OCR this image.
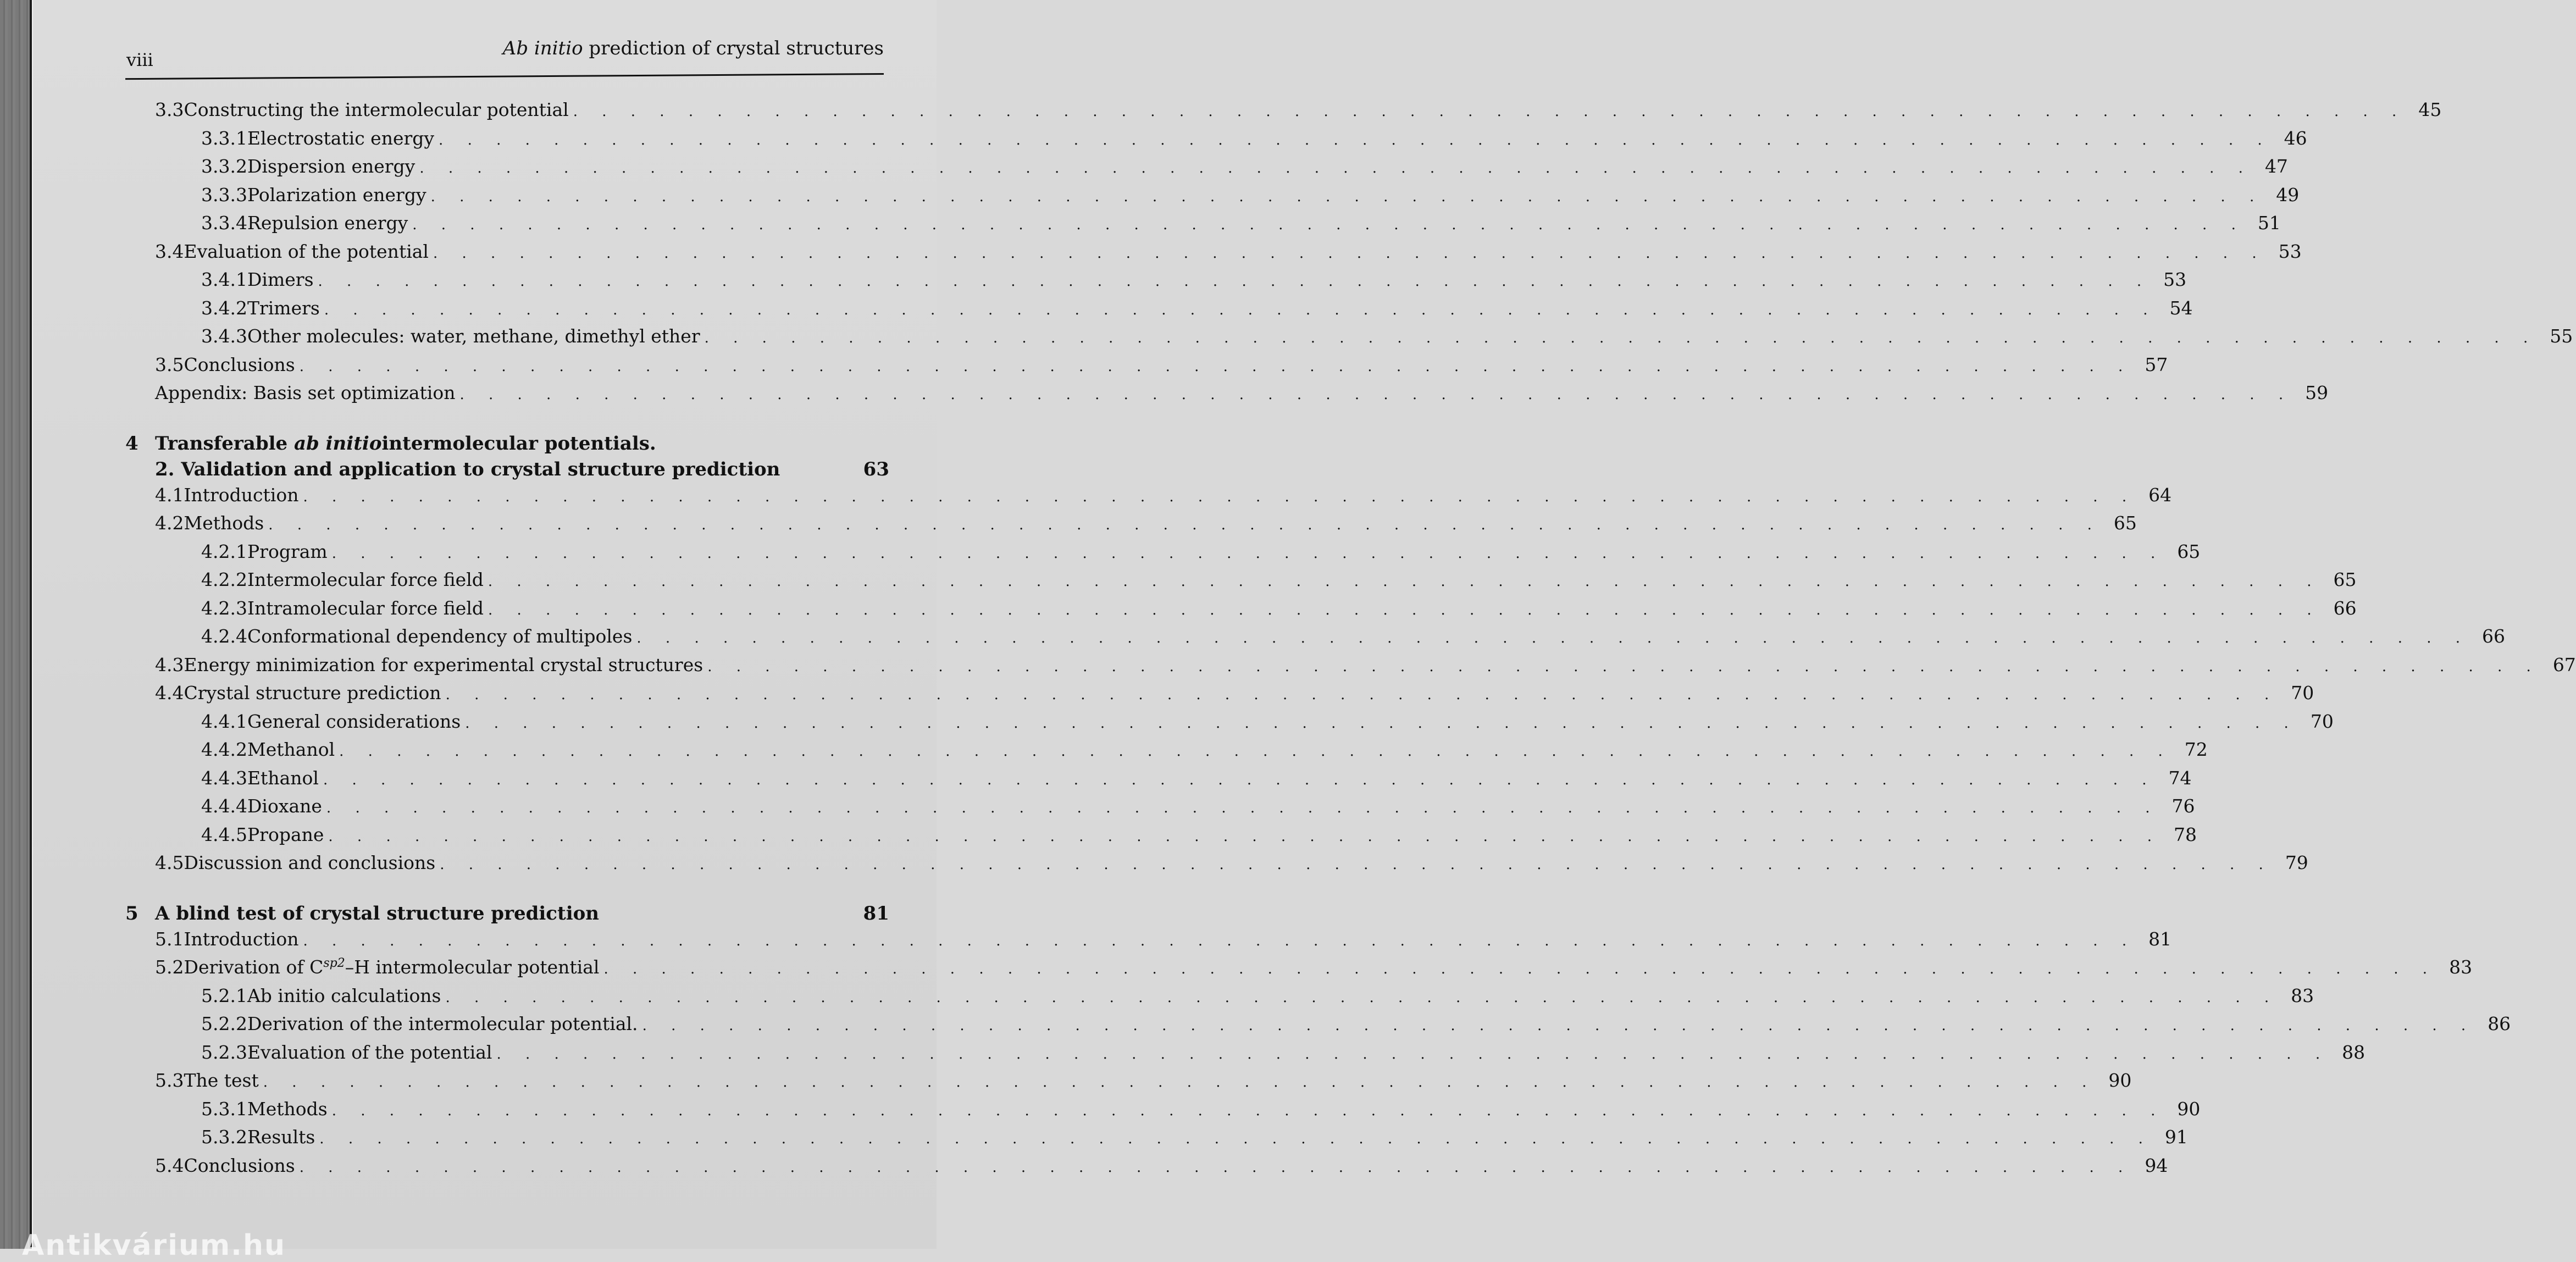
viii
Ab initio prediction of crystal structures
3.3 Constructing the intermolecular potential . . . . . . . . . . . . . . . . . . . . . . . . . . . . . . . . . . . . . . . . . . . . . . . . . . . . . . . . . . . . . . . . 45
3.3.1 Electrostatic energy . . . . . . . . . . . . . . . . . . . . . . . . . . . . . . . . . . . . . . . . . . . . . . . . . . . . . . . . . . . . . . . . 46
3.3.2 Dispersion energy . . . . . . . . . . . . . . . . . . . . . . . . . . . . . . . . . . . . . . . . . . . . . . . . . . . . . . . . . . . . . . . . 47
3.3.3 Polarization energy . . . . . . . . . . . . . . . . . . . . . . . . . . . . . . . . . . . . . . . . . . . . . . . . . . . . . . . . . . . . . . . . 49
3.3.4 Repulsion energy . . . . . . . . . . . . . . . . . . . . . . . . . . . . . . . . . . . . . . . . . . . . . . . . . . . . . . . . . . . . . . . . 51
3.4 Evaluation of the potential . . . . . . . . . . . . . . . . . . . . . . . . . . . . . . . . . . . . . . . . . . . . . . . . . . . . . . . . . . . . . . . . 53
3.4.1 Dimers . . . . . . . . . . . . . . . . . . . . . . . . . . . . . . . . . . . . . . . . . . . . . . . . . . . . . . . . . . . . . . . . 53
3.4.2 Trimers . . . . . . . . . . . . . . . . . . . . . . . . . . . . . . . . . . . . . . . . . . . . . . . . . . . . . . . . . . . . . . . . 54
3.4.3 Other molecules: water, methane, dimethyl ether . . . . . . . . . . . . . . . . . . . . . . . . . . . . . . . . . . . . . . . . . . . . . . . . . . . . . . . . . . . . . . . . 55
3.5 Conclusions . . . . . . . . . . . . . . . . . . . . . . . . . . . . . . . . . . . . . . . . . . . . . . . . . . . . . . . . . . . . . . . . 57
Appendix: Basis set optimization . . . . . . . . . . . . . . . . . . . . . . . . . . . . . . . . . . . . . . . . . . . . . . . . . . . . . . . . . . . . . . . . 59
4 Transferable
ab initio intermolecular potentials.
2. Validation and application to crystal structure prediction	63
4.1 Introduction . . . . . . . . . . . . . . . . . . . . . . . . . . . . . . . . . . . . . . . . . . . . . . . . . . . . . . . . . . . . . . . . 64
4.2 Methods . . . . . . . . . . . . . . . . . . . . . . . . . . . . . . . . . . . . . . . . . . . . . . . . . . . . . . . . . . . . . . . . 65
4.2.1 Program . . . . . . . . . . . . . . . . . . . . . . . . . . . . . . . . . . . . . . . . . . . . . . . . . . . . . . . . . . . . . . . . 65
4.2.2 Intermolecular force field . . . . . . . . . . . . . . . . . . . . . . . . . . . . . . . . . . . . . . . . . . . . . . . . . . . . . . . . . . . . . . . . 65
4.2.3 Intramolecular force field . . . . . . . . . . . . . . . . . . . . . . . . . . . . . . . . . . . . . . . . . . . . . . . . . . . . . . . . . . . . . . . . 66
4.2.4 Conformational dependency of multipoles . . . . . . . . . . . . . . . . . . . . . . . . . . . . . . . . . . . . . . . . . . . . . . . . . . . . . . . . . . . . . . . . 66
4.3 Energy minimization for experimental crystal structures . . . . . . . . . . . . . . . . . . . . . . . . . . . . . . . . . . . . . . . . . . . . . . . . . . . . . . . . . . . . . . . . 67
4.4 Crystal structure prediction . . . . . . . . . . . . . . . . . . . . . . . . . . . . . . . . . . . . . . . . . . . . . . . . . . . . . . . . . . . . . . . . 70
4.4.1 General considerations . . . . . . . . . . . . . . . . . . . . . . . . . . . . . . . . . . . . . . . . . . . . . . . . . . . . . . . . . . . . . . . . 70
4.4.2 Methanol . . . . . . . . . . . . . . . . . . . . . . . . . . . . . . . . . . . . . . . . . . . . . . . . . . . . . . . . . . . . . . . . 72
4.4.3 Ethanol . . . . . . . . . . . . . . . . . . . . . . . . . . . . . . . . . . . . . . . . . . . . . . . . . . . . . . . . . . . . . . . . 74
4.4.4 Dioxane . . . . . . . . . . . . . . . . . . . . . . . . . . . . . . . . . . . . . . . . . . . . . . . . . . . . . . . . . . . . . . . . 76
4.4.5 Propane . . . . . . . . . . . . . . . . . . . . . . . . . . . . . . . . . . . . . . . . . . . . . . . . . . . . . . . . . . . . . . . . 78
4.5 Discussion and conclusions . . . . . . . . . . . . . . . . . . . . . . . . . . . . . . . . . . . . . . . . . . . . . . . . . . . . . . . . . . . . . . . . 79
5 A blind test of crystal structure prediction	81
5.1 Introduction . . . . . . . . . . . . . . . . . . . . . . . . . . . . . . . . . . . . . . . . . . . . . . . . . . . . . . . . . . . . . . . . 81
5.2 Derivation of $C^{sp2}-H$ intermolecular potential . . . . . . . . . . . . . . . . . . . . . . . . . . . . . . . . . . . . . . . . . . . . . . . . . . . . . . . . . . . . . . . . 83
5.2.1 Ab initio calculations . . . . . . . . . . . . . . . . . . . . . . . . . . . . . . . . . . . . . . . . . . . . . . . . . . . . . . . . . . . . . . . . 83
5.2.2 Derivation of the intermolecular potential. . . . . . . . . . . . . . . . . . . . . . . . . . . . . . . . . . . . . . . . . . . . . . . . . . . . . . . . . . . . . . . . . 86
5.2.3 Evaluation of the potential . . . . . . . . . . . . . . . . . . . . . . . . . . . . . . . . . . . . . . . . . . . . . . . . . . . . . . . . . . . . . . . . 88
5.3 The test . . . . . . . . . . . . . . . . . . . . . . . . . . . . . . . . . . . . . . . . . . . . . . . . . . . . . . . . . . . . . . . . 90
5.3.1 Methods . . . . . . . . . . . . . . . . . . . . . . . . . . . . . . . . . . . . . . . . . . . . . . . . . . . . . . . . . . . . . . . . 90
5.3.2 Results . . . . . . . . . . . . . . . . . . . . . . . . . . . . . . . . . . . . . . . . . . . . . . . . . . . . . . . . . . . . . . . . 91
5.4 Conclusions . . . . . . . . . . . . . . . . . . . . . . . . . . . . . . . . . . . . . . . . . . . . . . . . . . . . . . . . . . . . . . . . 94
Antikvárium.hu
